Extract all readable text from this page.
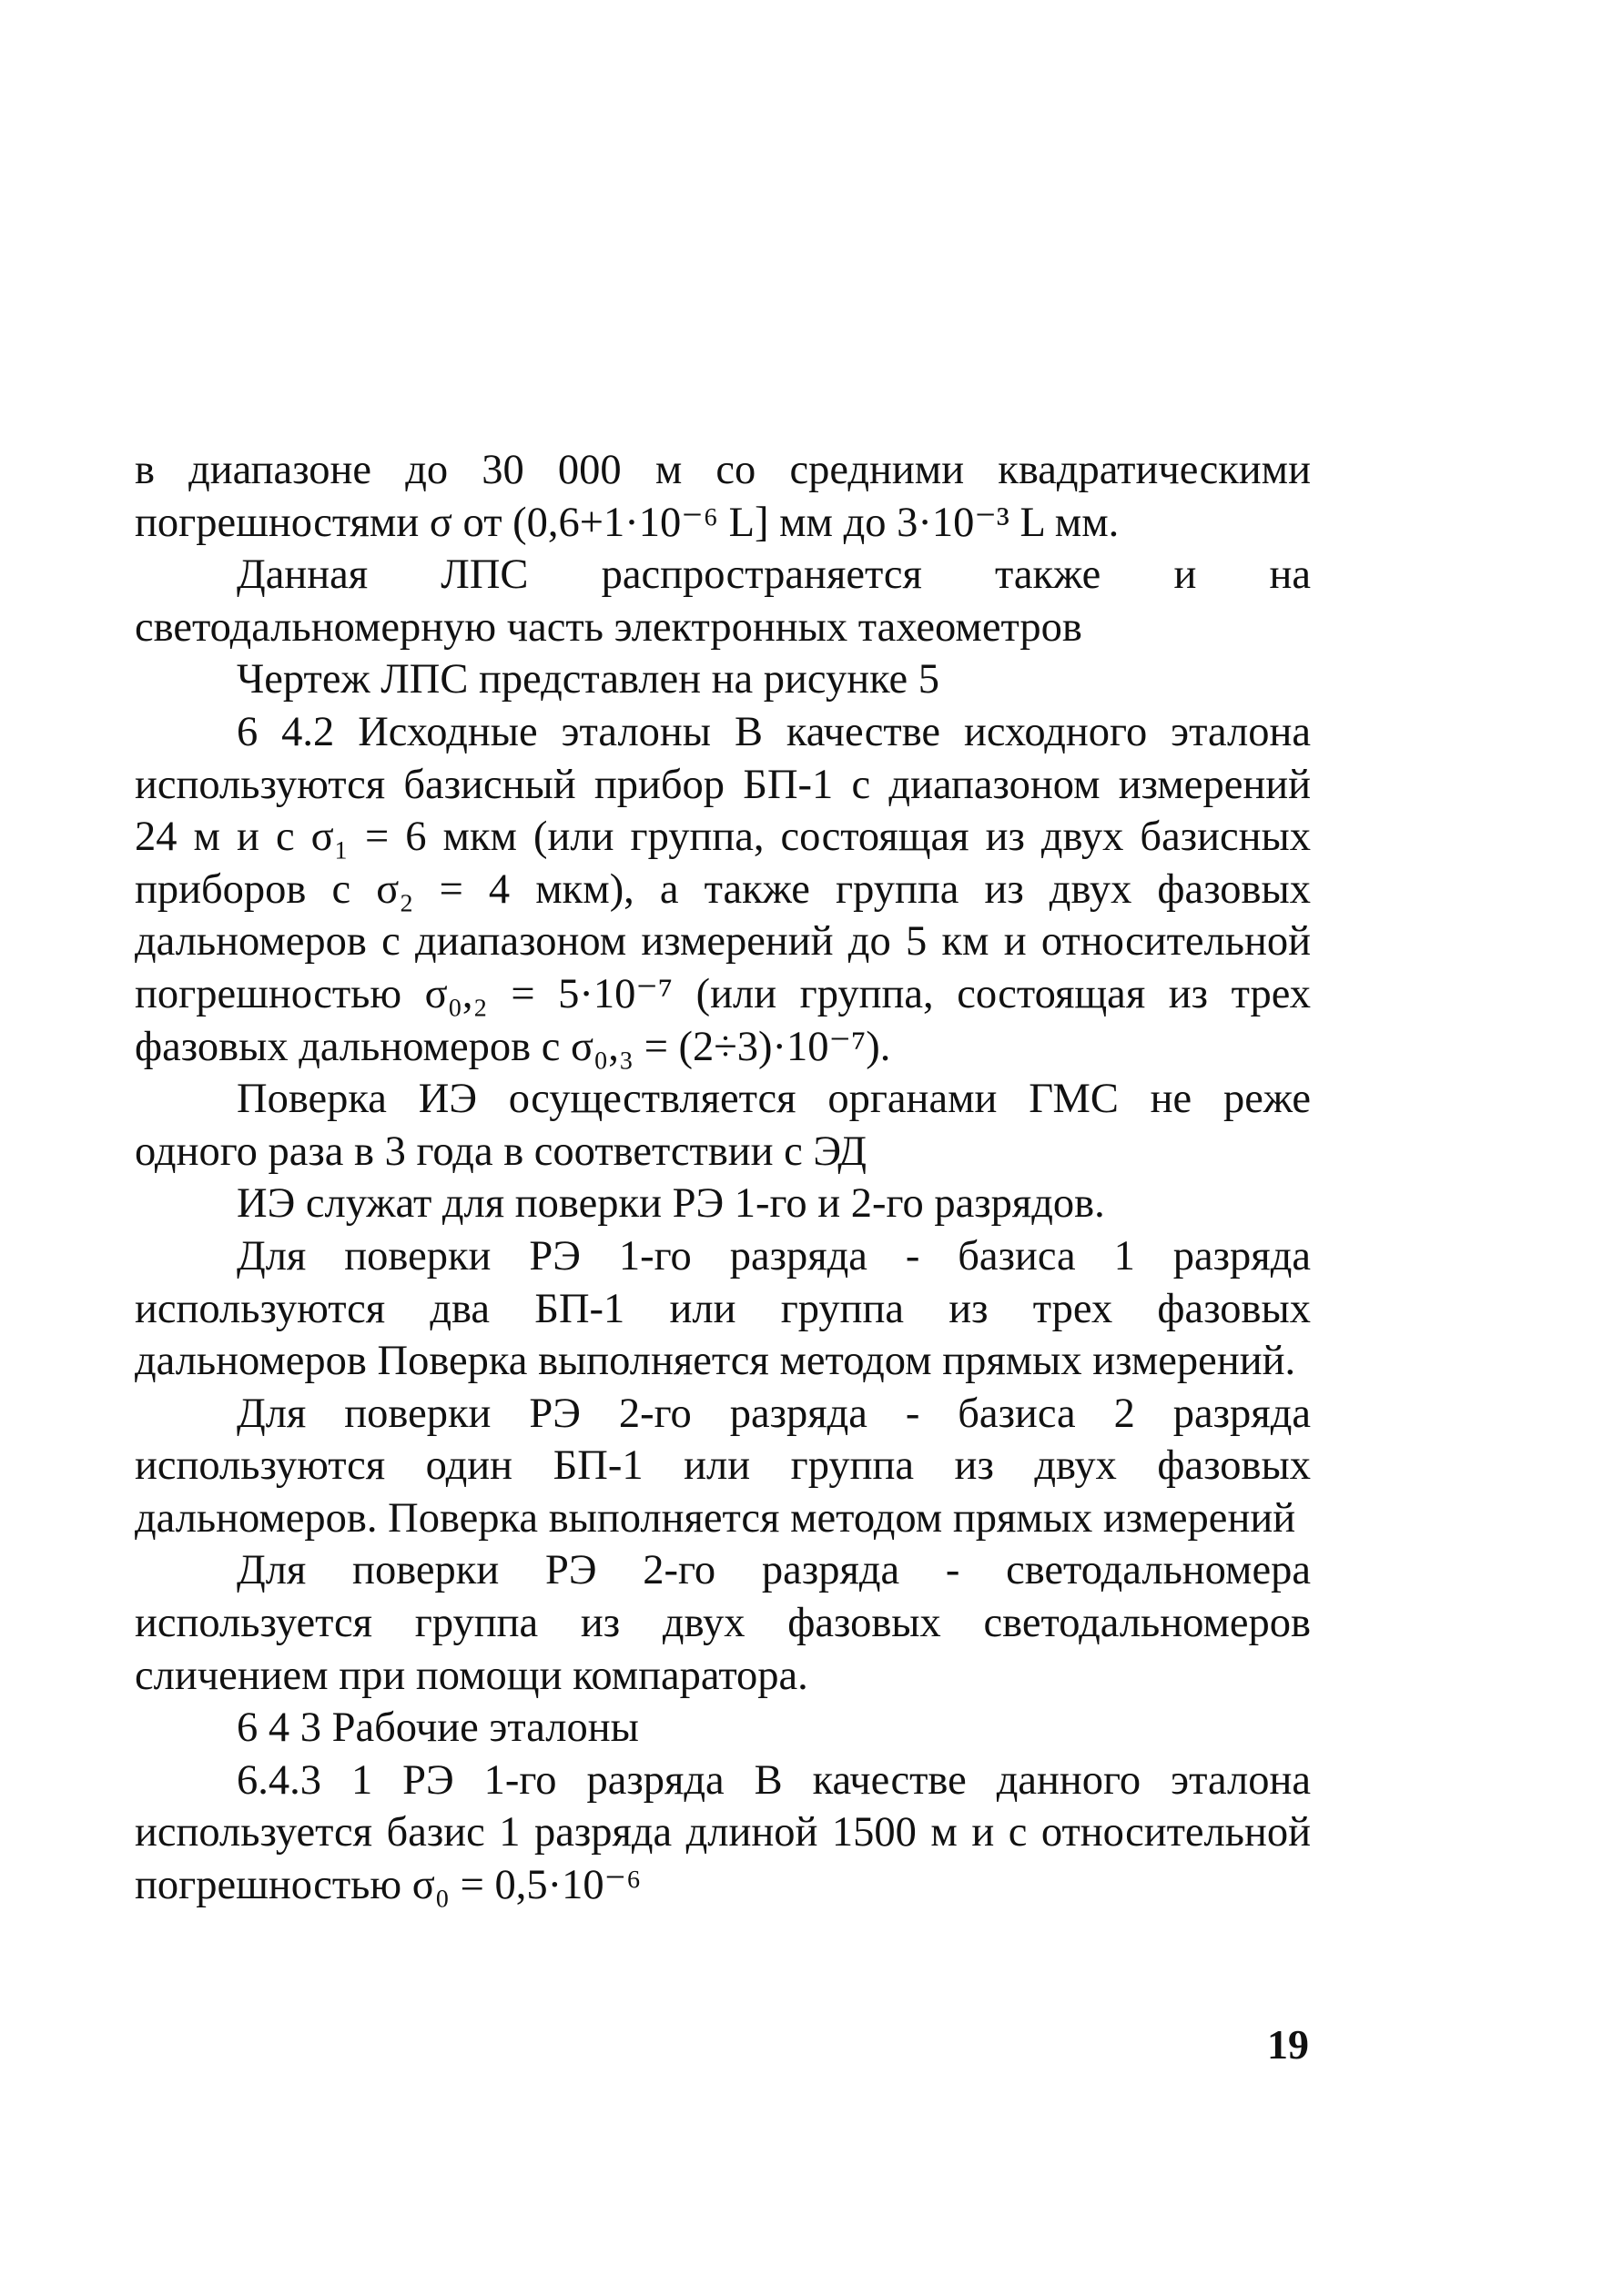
в диапазоне до 30 000 м со средними квадратическими погрешностями σ от (0,6+1·10⁻⁶ L] мм до 3·10⁻³ L мм.

Данная ЛПС распространяется также и на светодальномерную часть электронных тахеометров

Чертеж ЛПС представлен на рисунке 5

6 4.2 Исходные эталоны В качестве исходного эталона используются базисный прибор БП-1 с диапазоном измерений 24 м и с σ₁ = 6 мкм (или группа, состоящая из двух базисных приборов с σ₂ = 4 мкм), а также группа из двух фазовых дальномеров с диапазоном измерений до 5 км и относительной погрешностью σ₀,₂ = 5·10⁻⁷ (или группа, состоящая из трех фазовых дальномеров с σ₀,₃ = (2÷3)·10⁻⁷).

Поверка ИЭ осуществляется органами ГМС не реже одного раза в 3 года в соответствии с ЭД

ИЭ служат для поверки РЭ 1-го и 2-го разрядов.

Для поверки РЭ 1-го разряда - базиса 1 разряда используются два БП-1 или группа из трех фазовых дальномеров Поверка выполняется методом прямых измерений.

Для поверки РЭ 2-го разряда - базиса 2 разряда используются один БП-1 или группа из двух фазовых дальномеров. Поверка выполняется методом прямых измерений

Для поверки РЭ 2-го разряда - светодальномера используется группа из двух фазовых светодальномеров сличением при помощи компаратора.

6 4 3 Рабочие эталоны

6.4.3 1 РЭ 1-го разряда В качестве данного эталона используется базис 1 разряда длиной 1500 м и с относительной погрешностью σ₀ = 0,5·10⁻⁶

19
